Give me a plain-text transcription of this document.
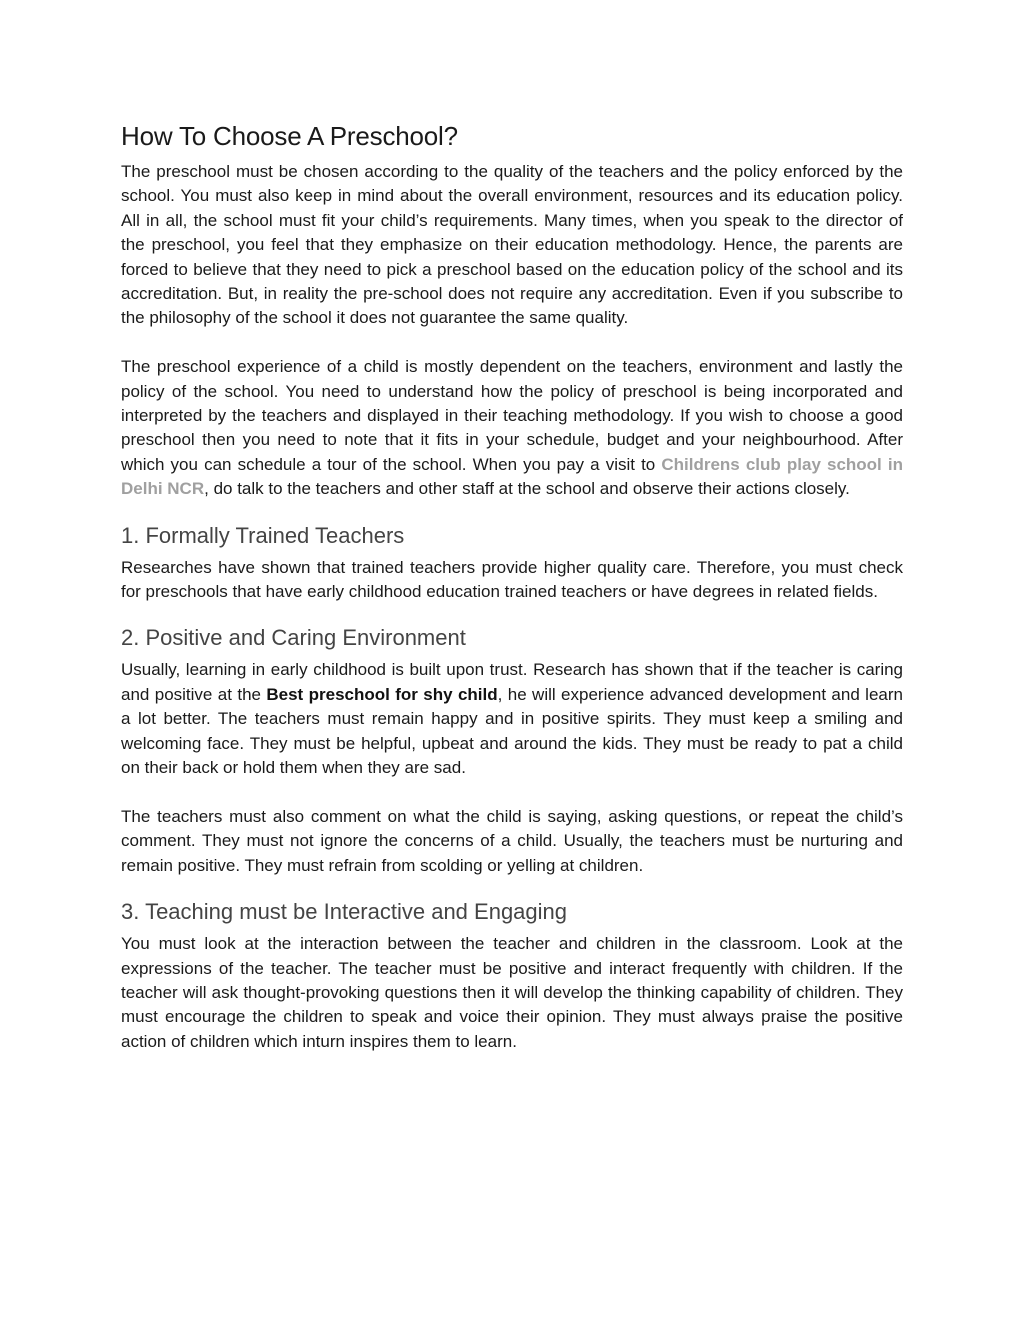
How To Choose A Preschool?

The preschool must be chosen according to the quality of the teachers and the policy enforced by the school. You must also keep in mind about the overall environment, resources and its education policy. All in all, the school must fit your child’s requirements. Many times, when you speak to the director of the preschool, you feel that they emphasize on their education methodology. Hence, the parents are forced to believe that they need to pick a preschool based on the education policy of the school and its accreditation. But, in reality the pre-school does not require any accreditation. Even if you subscribe to the philosophy of the school it does not guarantee the same quality.

The preschool experience of a child is mostly dependent on the teachers, environment and lastly the policy of the school. You need to understand how the policy of preschool is being incorporated and interpreted by the teachers and displayed in their teaching methodology. If you wish to choose a good preschool then you need to note that it fits in your schedule, budget and your neighbourhood. After which you can schedule a tour of the school. When you pay a visit to Childrens club play school in Delhi NCR, do talk to the teachers and other staff at the school and observe their actions closely.

1. Formally Trained Teachers

Researches have shown that trained teachers provide higher quality care. Therefore, you must check for preschools that have early childhood education trained teachers or have degrees in related fields.

2. Positive and Caring Environment

Usually, learning in early childhood is built upon trust. Research has shown that if the teacher is caring and positive at the Best preschool for shy child, he will experience advanced development and learn a lot better. The teachers must remain happy and in positive spirits. They must keep a smiling and welcoming face. They must be helpful, upbeat and around the kids. They must be ready to pat a child on their back or hold them when they are sad.

The teachers must also comment on what the child is saying, asking questions, or repeat the child’s comment. They must not ignore the concerns of a child. Usually, the teachers must be nurturing and remain positive. They must refrain from scolding or yelling at children.

3. Teaching must be Interactive and Engaging

You must look at the interaction between the teacher and children in the classroom. Look at the expressions of the teacher. The teacher must be positive and interact frequently with children. If the teacher will ask thought-provoking questions then it will develop the thinking capability of children. They must encourage the children to speak and voice their opinion. They must always praise the positive action of children which inturn inspires them to learn.
